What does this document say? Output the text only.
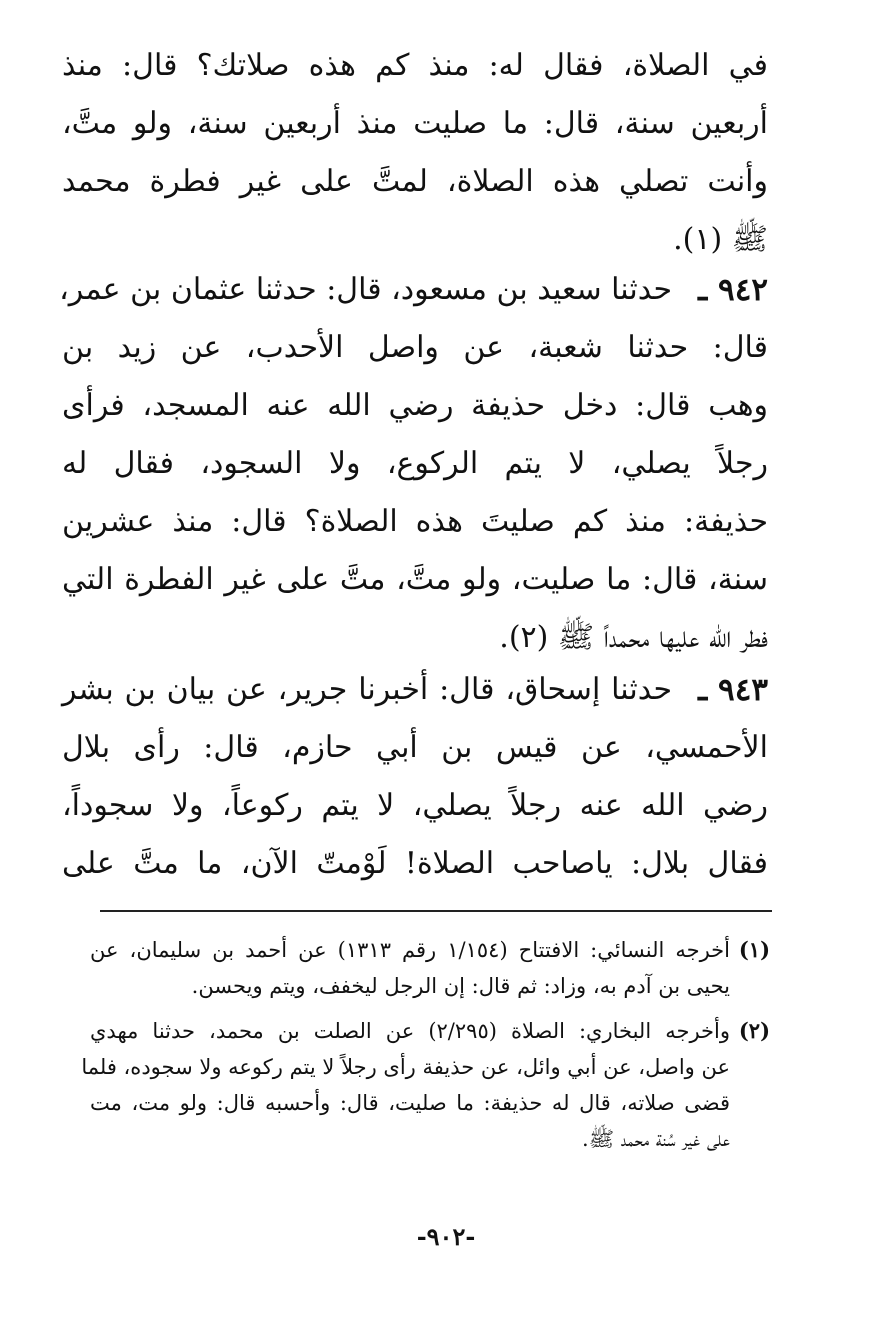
في الصلاة، فقال له: منذ كم هذه صلاتك؟ قال: منذ
أربعين سنة، قال: ما صليت منذ أربعين سنة، ولو متَّ،
وأنت تصلي هذه الصلاة، لمتَّ على غير فطرة محمد
ﷺ (١).
٩٤٢ ـ
حدثنا سعيد بن مسعود، قال: حدثنا عثمان بن عمر،
قال: حدثنا شعبة، عن واصل الأحدب، عن زيد بن
وهب قال: دخل حذيفة رضي الله عنه المسجد، فرأى
رجلاً يصلي، لا يتم الركوع، ولا السجود، فقال له
حذيفة: منذ كم صليتَ هذه الصلاة؟ قال: منذ عشرين
سنة، قال: ما صليت، ولو متَّ، متَّ على غير الفطرة التي
فطر الله عليها محمداً ﷺ (٢).
٩٤٣ ـ
حدثنا إسحاق، قال: أخبرنا جرير، عن بيان بن بشر
الأحمسي، عن قيس بن أبي حازم، قال: رأى بلال
رضي الله عنه رجلاً يصلي، لا يتم ركوعاً، ولا سجوداً،
فقال بلال: ياصاحب الصلاة! لَوْمتّ الآن، ما متَّ على
(١)
أخرجه النسائي: الافتتاح (١/١٥٤ رقم ١٣١٣) عن أحمد بن سليمان، عن
يحيى بن آدم به، وزاد: ثم قال: إن الرجل ليخفف، ويتم ويحسن.
(٢)
وأخرجه البخاري: الصلاة (٢/٢٩٥) عن الصلت بن محمد، حدثنا مهدي
عن واصل، عن أبي وائل، عن حذيفة رأى رجلاً لا يتم ركوعه ولا سجوده، فلما
قضى صلاته، قال له حذيفة: ما صليت، قال: وأحسبه قال: ولو مت، مت
على غير سُنة محمد ﷺ.
-٩٠٢-
